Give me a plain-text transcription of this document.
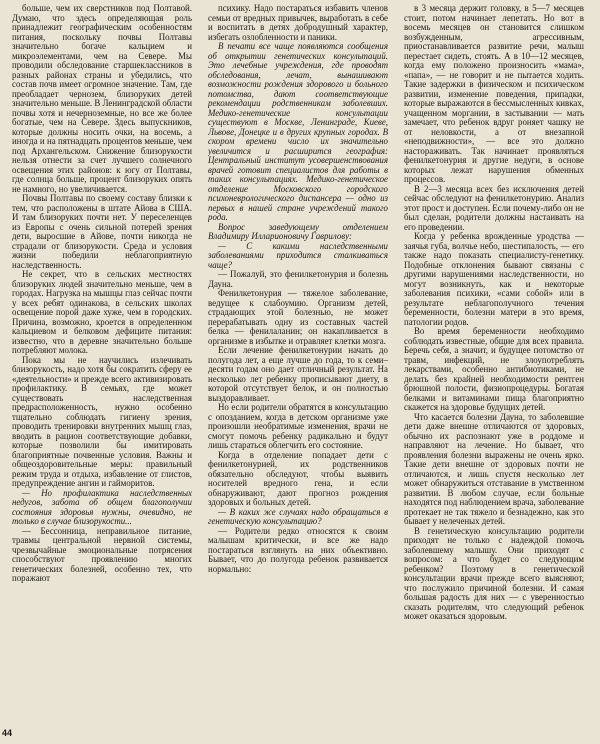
больше, чем их сверстников под Полтавой. Думаю, что здесь определяющая роль принадлежит географическим особенностям питания, поскольку почвы Полтавы значительно богаче кальцием и микроэлементами, чем на Севере. Мы проводили обследование старшеклассников в разных районах страны и убедились, что состав почв имеет огромное значение. Там, где преобладает чернозем, близоруких детей значительно меньше. В Ленинградской области почвы хотя и нечерноземные, но все же более богатые, чем на Севере. Здесь выпускников, которые должны носить очки, на восемь, а иногда и на пятнадцать процентов меньше, чем под Архангельском. Снижение близорукости нельзя отнести за счет лучшего солнечного освещения этих районов: к югу от Полтавы, где солнца больше, процент близоруких опять не намного, но увеличивается.

Почвы Полтавы по своему составу близки к тем, что расположены в штате Айова в США. И там близоруких почти нет. У переселенцев из Европы с очень сильной потерей зрения дети, выросшие в Айове, почти никогда не страдали от близорукости. Среда и условия жизни победили неблагоприятную наследственность.

Не секрет, что в сельских местностях близоруких людей значительно меньше, чем в городах. Нагрузка на мышцы глаз сейчас почти у всех ребят одинакова, в сельских школах освещение порой даже хуже, чем в городских. Причина, возможно, кроется в определенном кальциевом и белковом дефиците питания: известно, что в деревне значительно больше потребляют молока.

Пока мы не научились излечивать близорукость, надо хотя бы сократить сферу ее «деятельности» и прежде всего активизировать профилактику. В семьях, где может существовать наследственная предрасположенность, нужно особенно тщательно соблюдать гигиену зрения, проводить тренировки внутренних мышц глаз, вводить в рацион соответствующие добавки, которые позволили бы имитировать благоприятные почвенные условия. Важны и общеоздоровительные меры: правильный режим труда и отдыха, избавление от глистов, предупреждение ангин и гайморитов.

— Но профилактика наследственных недугов, забота об общем благополучии состояния здоровья нужны, очевидно, не только в случае близорукости...

— Бессонница, неправильное питание, травмы центральной нервной системы, чрезвычайные эмоциональные потрясения способствуют проявлению многих генетических болезней, особенно тех, что поражают

психику. Надо постараться избавить членов семьи от вредных привычек, выработать в себе и воспитать в детях добродушный характер, избегать озлобленности и паники.

В печати все чаще появляются сообщения об открытии генетических консультаций. Это лечебные учреждения, где проводят обследования, лечат, вынашивают возможности рождения здорового и больного потомства, дают соответствующие рекомендации родственникам заболевших. Медико-генетические консультации существуют в Москве, Ленинграде, Киеве, Львове, Донецке и в других крупных городах. В скором времени число их значительно увеличится и расширится география: Центральный институт усовершенствования врачей готовит специалистов для работы в таких консультациях. Медико-генетическое отделение Московского городского психоневрологического диспансера — одно из первых в нашей стране учреждений такого рода.

Вопрос заведующему отделением Владимиру Илларионовичу Гаврилову:

— С какими наследственными заболеваниями приходится сталкиваться чаще?

— Пожалуй, это фенилкетонурия и болезнь Дауна.

Фенилкетонурия — тяжелое заболевание, ведущее к слабоумию. Организм детей, страдающих этой болезнью, не может перерабатывать одну из составных частей белка — фенилаланин; он накапливается в организме в избытке и отравляет клетки мозга.

Если лечение фенилкетонурии начать до полугода лет, а еще лучше до года, то к семи–десяти годам оно дает отличный результат. На несколько лет ребенку прописывают диету, в которой отсутствует белок, и он полностью выздоравливает.

Но если родители обратятся в консультацию с опозданием, когда в детском организме уже произошли необратимые изменения, врачи не смогут помочь ребенку радикально и будут лишь стараться облегчить его состояние.

Когда в отделение попадает дети с фенилкетонурией, их родственников обязательно обследуют, чтобы выявить носителей вредного гена, и если обнаруживают, дают прогноз рождения здоровых и больных детей.

— В каких же случаях надо обращаться в генетическую консультацию?

— Родители редко относятся к своим малышам критически, и все же надо постараться взглянуть на них объективно. Бывает, что до полугода ребенок развивается нормально:

в 3 месяца держит головку, в 5—7 месяцев стоит, потом начинает лепетать. Но вот в восемь месяцев он становится слишком возбужденным, агрессивным, приостанавливается развитие речи, малыш перестает сидеть, стоять. А в 10—12 месяцев, когда ему положено произносить «мама», «папа», — не говорит и не пытается ходить. Такие задержки в физическом и психическом развитии, изменение поведения, припадки, которые выражаются в бессмысленных кивках, учащенном моргании, в застывании — мать замечает, что ребенок вдруг роняет чашку не от неловкости, а от внезапной «неподвижности», — все это должно настораживать. Так начинает проявляться фенилкетонурия и другие недуги, в основе которых лежат нарушения обменных процессов.

В 2—3 месяца всех без исключения детей сейчас обследуют на фенилкетонурию. Анализ этот прост и доступен. Если почему-либо он не был сделан, родители должны настаивать на его проведении.

Когда у ребенка врожденные уродства — заячья губа, волчье небо, шестипалость, — его также надо показать специалисту-генетику. Подобные отклонения бывают связаны с другими нарушениями наследственности, но могут возникнуть, как и некоторые заболевания психики, «сами собой» или в результате неблагополучного течения беременности, болезни матери в это время, патологии родов.

Во время беременности необходимо соблюдать известные, общие для всех правила. Беречь себя, а значит, и будущее потомство от травм, инфекций, не злоупотреблять лекарствами, особенно антибиотиками, не делать без крайней необходимости рентген брюшной полости, физиопроцедуры. Богатая белками и витаминами пища благоприятно скажется на здоровье будущих детей.

Что касается болезни Дауна, то заболевшие дети даже внешне отличаются от здоровых, обычно их распознают уже в роддоме и направляют на лечение. Но бывает, что проявления болезни выражены не очень ярко. Такие дети внешне от здоровых почти не отличаются, и лишь спустя несколько лет может обнаружиться отставание в умственном развитии. В любом случае, если больные находятся под наблюдением врача, заболевание протекает не так тяжело и безнадежно, как это бывает у нелеченых детей.

В генетическую консультацию родители приходят не только с надеждой помочь заболевшему малышу. Они приходят с вопросом: а что будет со следующим ребенком? Поэтому в генетической консультации врачи прежде всего выясняют, что послужило причиной болезни. И самая большая радость для них — с уверенностью сказать родителям, что следующий ребенок может оказаться здоровым.

44
